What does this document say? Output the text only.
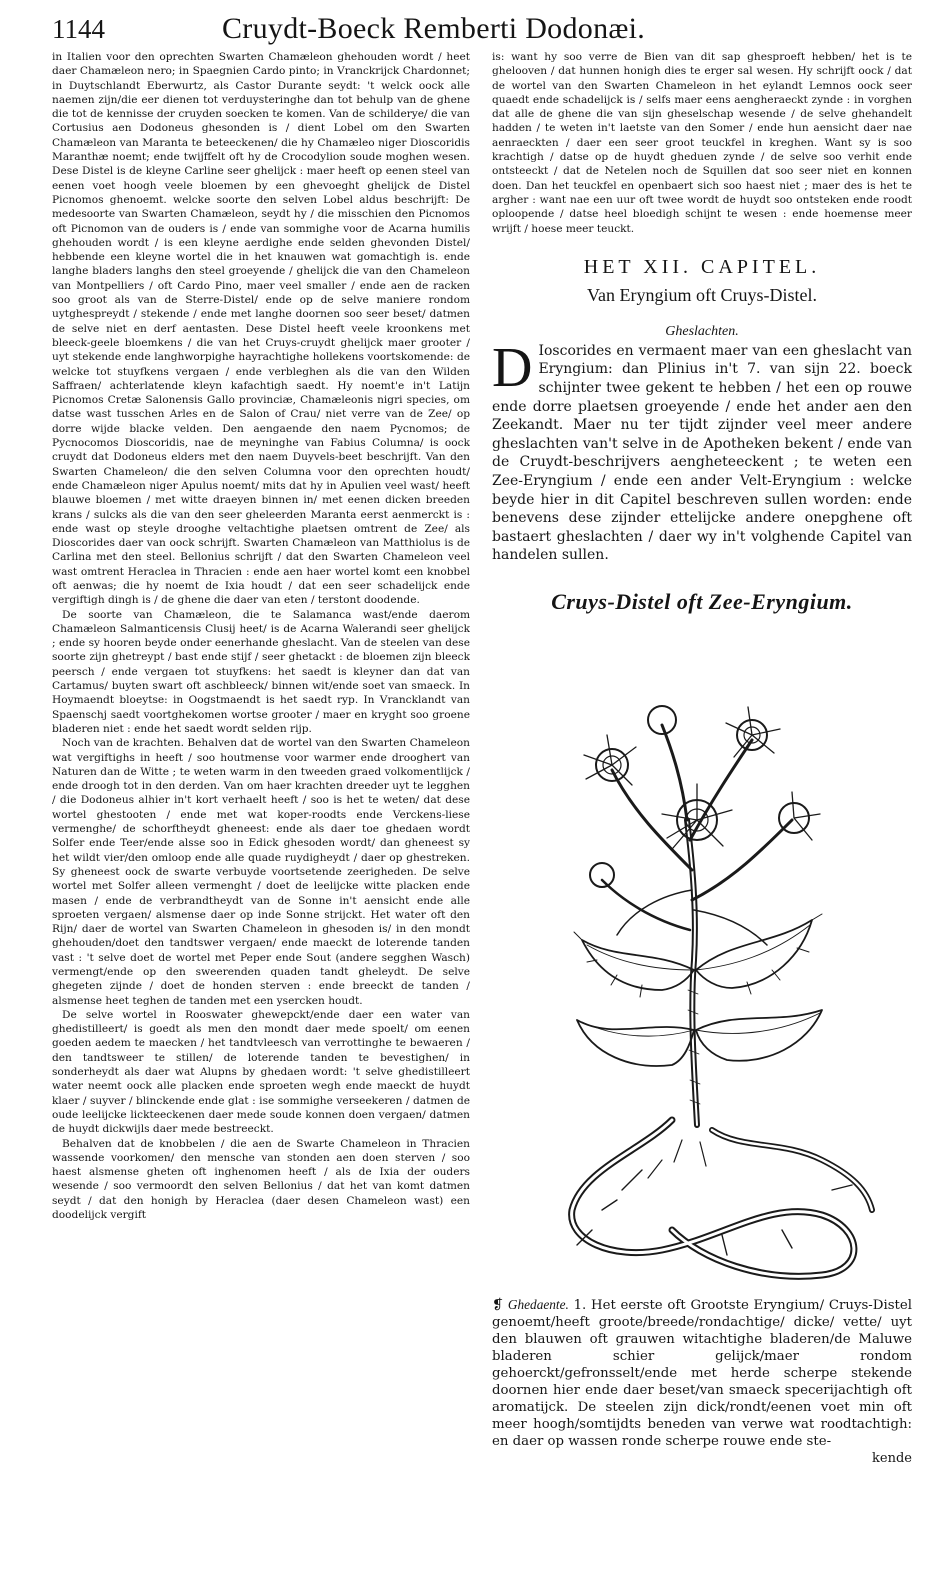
1144	Cruydt-Boeck Remberti Dodonæi.

in Italien voor den oprechten Swarten Chamæleon ghehouden wordt / heet daer Chamæleon nero; in Spaegnien Cardo pinto; in Vranckrijck Chardonnet; in Duytschlandt Eberwurtz, als Castor Durante seydt: 't welck oock alle naemen zijn/die eer dienen tot verduysteringhe dan tot behulp van de ghene die tot de kennisse der cruyden soecken te komen. Van de schilderye/ die van Cortusius aen Dodoneus ghesonden is / dient Lobel om den Swarten Chamæleon van Maranta te beteeckenen/ die hy Chamæleo niger Dioscoridis Maranthæ noemt; ende twijffelt oft hy de Crocodylion soude moghen wesen. Dese Distel is de kleyne Carline seer ghelijck : maer heeft op eenen steel van eenen voet hoogh veele bloemen by een ghevoeght ghelijck de Distel Picnomos ghenoemt. welcke soorte den selven Lobel aldus beschrijft: De medesoorte van Swarten Chamæleon, seydt hy / die misschien den Picnomos oft Picnomon van de ouders is / ende van sommighe voor de Acarna humilis ghehouden wordt / is een kleyne aerdighe ende selden ghevonden Distel/ hebbende een kleyne wortel die in het knauwen wat gomachtigh is. ende langhe bladers langhs den steel groeyende / ghelijck die van den Chameleon van Montpelliers / oft Cardo Pino, maer veel smaller / ende aen de racken soo groot als van de Sterre-Distel/ ende op de selve maniere rondom uytghespreydt / stekende / ende met langhe doornen soo seer beset/ datmen de selve niet en derf aentasten. Dese Distel heeft veele kroonkens met bleeck-geele bloemkens / die van het Cruys-cruydt ghelijck maer grooter / uyt stekende ende langhworpighe hayrachtighe hollekens voortskomende: de welcke tot stuyfkens vergaen / ende verbleghen als die van den Wilden Saffraen/ achterlatende kleyn kafachtigh saedt. Hy noemt'e in't Latijn Picnomos Cretæ Salonensis Gallo provinciæ, Chamæleonis nigri species, om datse wast tusschen Arles en de Salon of Crau/ niet verre van de Zee/ op dorre wijde blacke velden. Den aengaende den naem Pycnomos; de Pycnocomos Dioscoridis, nae de meyninghe van Fabius Columna/ is oock cruydt dat Dodoneus elders met den naem Duyvels-beet beschrijft. Van den Swarten Chameleon/ die den selven Columna voor den oprechten houdt/ ende Chamæleon niger Apulus noemt/ mits dat hy in Apulien veel wast/ heeft blauwe bloemen / met witte draeyen binnen in/ met eenen dicken breeden krans / sulcks als die van den seer gheleerden Maranta eerst aenmerckt is : ende wast op steyle drooghe veltachtighe plaetsen omtrent de Zee/ als Dioscorides daer van oock schrijft. Swarten Chamæleon van Matthiolus is de Carlina met den steel. Bellonius schrijft / dat den Swarten Chameleon veel wast omtrent Heraclea in Thracien : ende aen haer wortel komt een knobbel oft aenwas; die hy noemt de Ixia houdt / dat een seer schadelijck ende vergiftigh dingh is / de ghene die daer van eten / terstont doodende.

De soorte van Chamæleon, die te Salamanca wast/ende daerom Chamæleon Salmanticensis Clusij heet/ is de Acarna Walerandi seer ghelijck ; ende sy hooren beyde onder eenerhande gheslacht. Van de steelen van dese soorte zijn ghetreypt / bast ende stijf / seer ghetackt : de bloemen zijn bleeck peersch / ende vergaen tot stuyfkens: het saedt is kleyner dan dat van Cartamus/ buyten swart oft aschbleeck/ binnen wit/ende soet van smaeck. In Hoymaendt bloeytse: in Oogstmaendt is het saedt ryp. In Vrancklandt van Spaenschj saedt voortghekomen wortse grooter / maer en kryght soo groene bladeren niet : ende het saedt wordt selden rijp.

Noch van de krachten. Behalven dat de wortel van den Swarten Chameleon wat vergiftighs in heeft / soo houtmense voor warmer ende drooghert van Naturen dan de Witte ; te weten warm in den tweeden graed volkomentlijck / ende droogh tot in den derden. Van om haer krachten dreeder uyt te legghen / die Dodoneus alhier in't kort verhaelt heeft / soo is het te weten/ dat dese wortel ghestooten / ende met wat koper-roodts ende Verckens-liese vermenghe/ de schorftheydt gheneest: ende als daer toe ghedaen wordt Solfer ende Teer/ende alsse soo in Edick ghesoden wordt/ dan gheneest sy het wildt vier/den omloop ende alle quade ruydigheydt / daer op ghestreken. Sy gheneest oock de swarte verbuyde voortsetende zeerigheden. De selve wortel met Solfer alleen vermenght / doet de leelijcke witte placken ende masen / ende de verbrandtheydt van de Sonne in't aensicht ende alle sproeten vergaen/ alsmense daer op inde Sonne strijckt. Het water oft den Rijn/ daer de wortel van Swarten Chameleon in ghesoden is/ in den mondt ghehouden/doet den tandtswer vergaen/ ende maeckt de loterende tanden vast : 't selve doet de wortel met Peper ende Sout (andere segghen Wasch) vermengt/ende op den sweerenden quaden tandt gheleydt. De selve ghegeten zijnde / doet de honden sterven : ende breeckt de tanden / alsmense heet teghen de tanden met een ysercken houdt.

De selve wortel in Rooswater ghewepckt/ende daer een water van ghedistilleert/ is goedt als men den mondt daer mede spoelt/ om eenen goeden aedem te maecken / het tandtvleesch van verrottinghe te bewaeren / den tandtsweer te stillen/ de loterende tanden te bevestighen/ in sonderheydt als daer wat Alupns by ghedaen wordt: 't selve ghedistilleert water neemt oock alle placken ende sproeten wegh ende maeckt de huydt klaer / suyver / blinckende ende glat : ise sommighe verseekeren / datmen de oude leelijcke lickteeckenen daer mede soude konnen doen vergaen/ datmen de huydt dickwijls daer mede bestreeckt.

Behalven dat de knobbelen / die aen de Swarte Chameleon in Thracien wassende voorkomen/ den mensche van stonden aen doen sterven / soo haest alsmense gheten oft inghenomen heeft / als de Ixia der ouders wesende / soo vermoordt den selven Bellonius / dat het van komt datmen seydt / dat den honigh by Heraclea (daer desen Chameleon wast) een doodelijck vergift

is: want hy soo verre de Bien van dit sap ghesproeft hebben/ het is te ghelooven / dat hunnen honigh dies te erger sal wesen. Hy schrijft oock / dat de wortel van den Swarten Chameleon in het eylandt Lemnos oock seer quaedt ende schadelijck is / selfs maer eens aengheraeckt zynde : in vorghen dat alle de ghene die van sijn gheselschap wesende / de selve ghehandelt hadden / te weten in't laetste van den Somer / ende hun aensicht daer nae aenraeckten / daer een seer groot teuckfel in kreghen. Want sy is soo krachtigh / datse op de huydt gheduen zynde / de selve soo verhit ende ontsteeckt / dat de Netelen noch de Squillen dat soo seer niet en konnen doen. Dan het teuckfel en openbaert sich soo haest niet ; maer des is het te argher : want nae een uur oft twee wordt de huydt soo ontsteken ende roodt oploopende / datse heel bloedigh schijnt te wesen : ende hoemense meer wrijft / hoese meer teuckt.

HET XII. CAPITEL.
Van Eryngium oft Cruys-Distel.
Gheslachten.
D Ioscorides en vermaent maer van een gheslacht van Eryngium: dan Plinius in't 7. van sijn 22. boeck schijnter twee gekent te hebben / het een op rouwe ende dorre plaetsen groeyende / ende het ander aen den Zeekandt. Maer nu ter tijdt zijnder veel meer andere gheslachten van't selve in de Apotheken bekent / ende van de Cruydt-beschrijvers aengheteeckent ; te weten een Zee-Eryngium / ende een ander Velt-Eryngium : welcke beyde hier in dit Capitel beschreven sullen worden: ende benevens dese zijnder ettelijcke andere onepghene oft bastaert gheslachten / daer wy in't volghende Capitel van handelen sullen.
Cruys-Distel oft Zee-Eryngium.
❡ Ghedaente. 1. Het eerste oft Grootste Eryngium/ Cruys-Distel genoemt/heeft groote/breede/rondachtige/ dicke/ vette/ uyt den blauwen oft grauwen witachtighe bladeren/de Maluwe bladeren schier gelijck/maer rondom gehoerckt/gefronsselt/ende met herde scherpe stekende doornen hier ende daer beset/van smaeck specerijachtigh oft aromatijck. De steelen zijn dick/rondt/eenen voet min oft meer hoogh/somtijdts beneden van verwe wat roodtachtigh: en daer op wassen ronde scherpe rouwe ende ste-
kende
